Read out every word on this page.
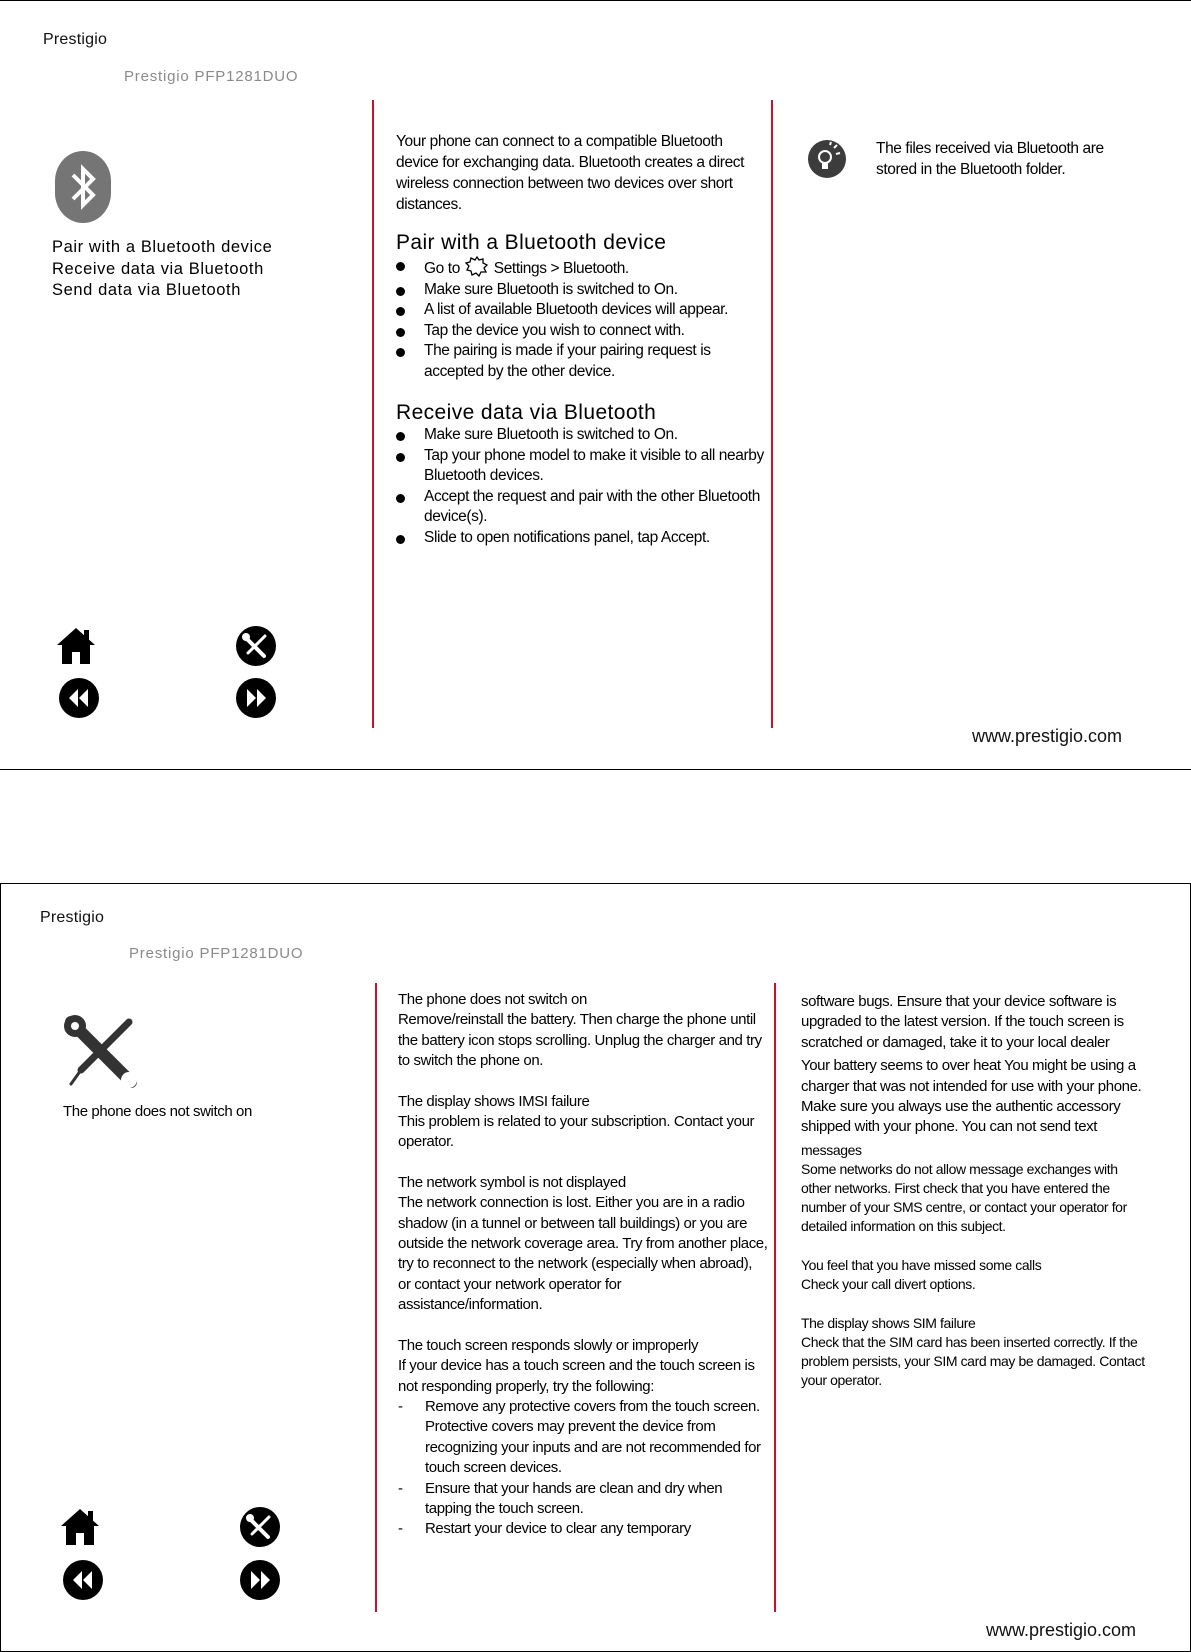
Prestigio
Prestigio PFP1281DUO
Pair with a Bluetooth device
Receive data via Bluetooth
Send data via Bluetooth
Your phone can connect to a compatible Bluetooth device for exchanging data. Bluetooth creates a direct wireless connection between two devices over short distances.
Pair with a Bluetooth device
Go to Settings > Bluetooth.
Make sure Bluetooth is switched to On.
A list of available Bluetooth devices will appear.
Tap the device you wish to connect with.
The pairing is made if your pairing request is accepted by the other device.
Receive data via Bluetooth
Make sure Bluetooth is switched to On.
Tap your phone model to make it visible to all nearby Bluetooth devices.
Accept the request and pair with the other Bluetooth device(s).
Slide to open notifications panel, tap Accept.
The files received via Bluetooth are stored in the Bluetooth folder.
www.prestigio.com
Prestigio
Prestigio PFP1281DUO
The phone does not switch on
The phone does not switch on
Remove/reinstall the battery. Then charge the phone until the battery icon stops scrolling. Unplug the charger and try to switch the phone on.
The display shows IMSI failure
This problem is related to your subscription. Contact your operator.
The network symbol is not displayed
The network connection is lost. Either you are in a radio shadow (in a tunnel or between tall buildings) or you are outside the network coverage area. Try from another place, try to reconnect to the network (especially when abroad), or contact your network operator for assistance/information.
The touch screen responds slowly or improperly
If your device has a touch screen and the touch screen is not responding properly, try the following:
- Remove any protective covers from the touch screen. Protective covers may prevent the device from recognizing your inputs and are not recommended for touch screen devices.
- Ensure that your hands are clean and dry when tapping the touch screen.
- Restart your device to clear any temporary
software bugs. Ensure that your device software is upgraded to the latest version. If the touch screen is scratched or damaged, take it to your local dealer
Your battery seems to over heat You might be using a charger that was not intended for use with your phone. Make sure you always use the authentic accessory shipped with your phone. You can not send text
messages
Some networks do not allow message exchanges with other networks. First check that you have entered the number of your SMS centre, or contact your operator for detailed information on this subject.
You feel that you have missed some calls
Check your call divert options.
The display shows SIM failure
Check that the SIM card has been inserted correctly. If the problem persists, your SIM card may be damaged. Contact your operator.
www.prestigio.com
